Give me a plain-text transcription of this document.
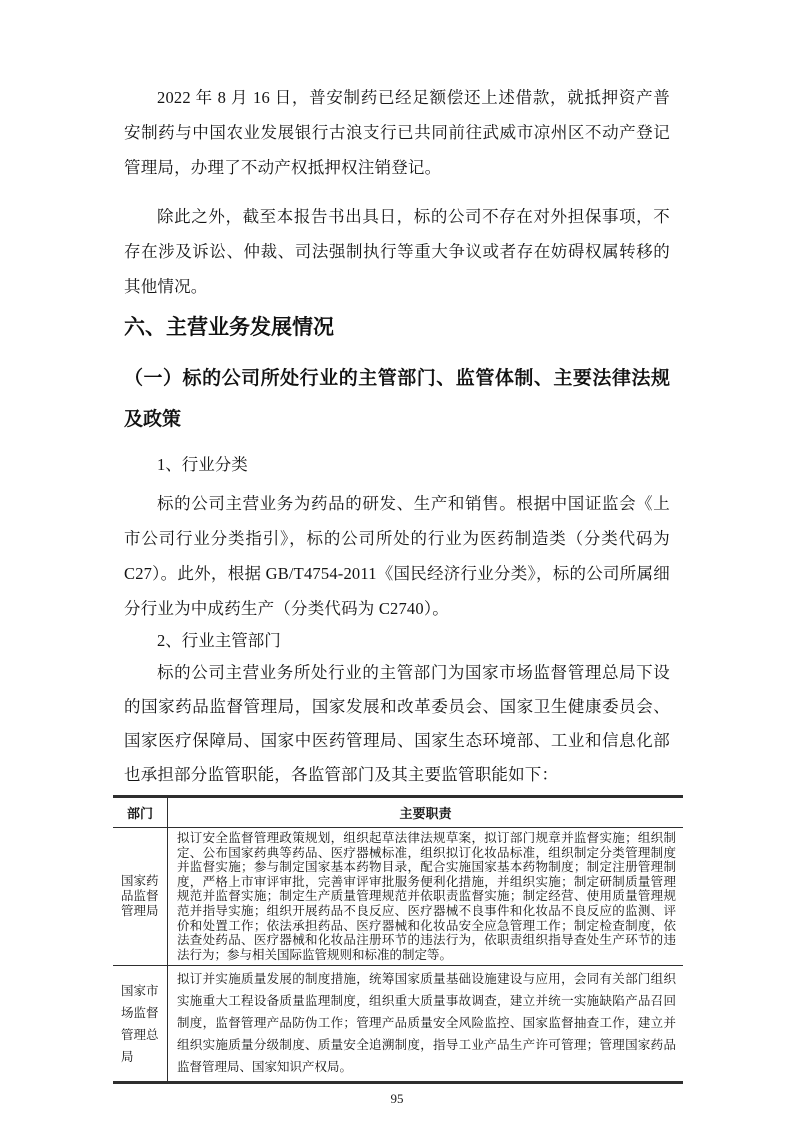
2022 年 8 月 16 日，普安制药已经足额偿还上述借款，就抵押资产普安制药与中国农业发展银行古浪支行已共同前往武威市凉州区不动产登记管理局，办理了不动产权抵押权注销登记。

除此之外，截至本报告书出具日，标的公司不存在对外担保事项，不存在涉及诉讼、仲裁、司法强制执行等重大争议或者存在妨碍权属转移的其他情况。

六、主营业务发展情况
（一）标的公司所处行业的主管部门、监管体制、主要法律法规及政策

1、行业分类

标的公司主营业务为药品的研发、生产和销售。根据中国证监会《上市公司行业分类指引》，标的公司所处的行业为医药制造类（分类代码为 C27）。此外，根据 GB/T4754-2011《国民经济行业分类》，标的公司所属细分行业为中成药生产（分类代码为 C2740）。

2、行业主管部门

标的公司主营业务所处行业的主管部门为国家市场监督管理总局下设的国家药品监督管理局，国家发展和改革委员会、国家卫生健康委员会、国家医疗保障局、国家中医药管理局、国家生态环境部、工业和信息化部也承担部分监管职能，各监管部门及其主要监管职能如下：

部门	主要职责
国家药品监督管理局	拟订安全监督管理政策规划，组织起草法律法规草案，拟订部门规章并监督实施；组织制定、公布国家药典等药品、医疗器械标准，组织拟订化妆品标准，组织制定分类管理制度并监督实施；参与制定国家基本药物目录，配合实施国家基本药物制度；制定注册管理制度，严格上市审评审批，完善审评审批服务便利化措施，并组织实施；制定研制质量管理规范并监督实施；制定生产质量管理规范并依职责监督实施；制定经营、使用质量管理规范并指导实施；组织开展药品不良反应、医疗器械不良事件和化妆品不良反应的监测、评价和处置工作；依法承担药品、医疗器械和化妆品安全应急管理工作；制定检查制度，依法查处药品、医疗器械和化妆品注册环节的违法行为，依职责组织指导查处生产环节的违法行为；参与相关国际监管规则和标准的制定等。
国家市场监督管理总局	拟订并实施质量发展的制度措施，统筹国家质量基础设施建设与应用，会同有关部门组织实施重大工程设备质量监理制度，组织重大质量事故调查，建立并统一实施缺陷产品召回制度，监督管理产品防伪工作；管理产品质量安全风险监控、国家监督抽查工作，建立并组织实施质量分级制度、质量安全追溯制度，指导工业产品生产许可管理；管理国家药品监督管理局、国家知识产权局。
95
